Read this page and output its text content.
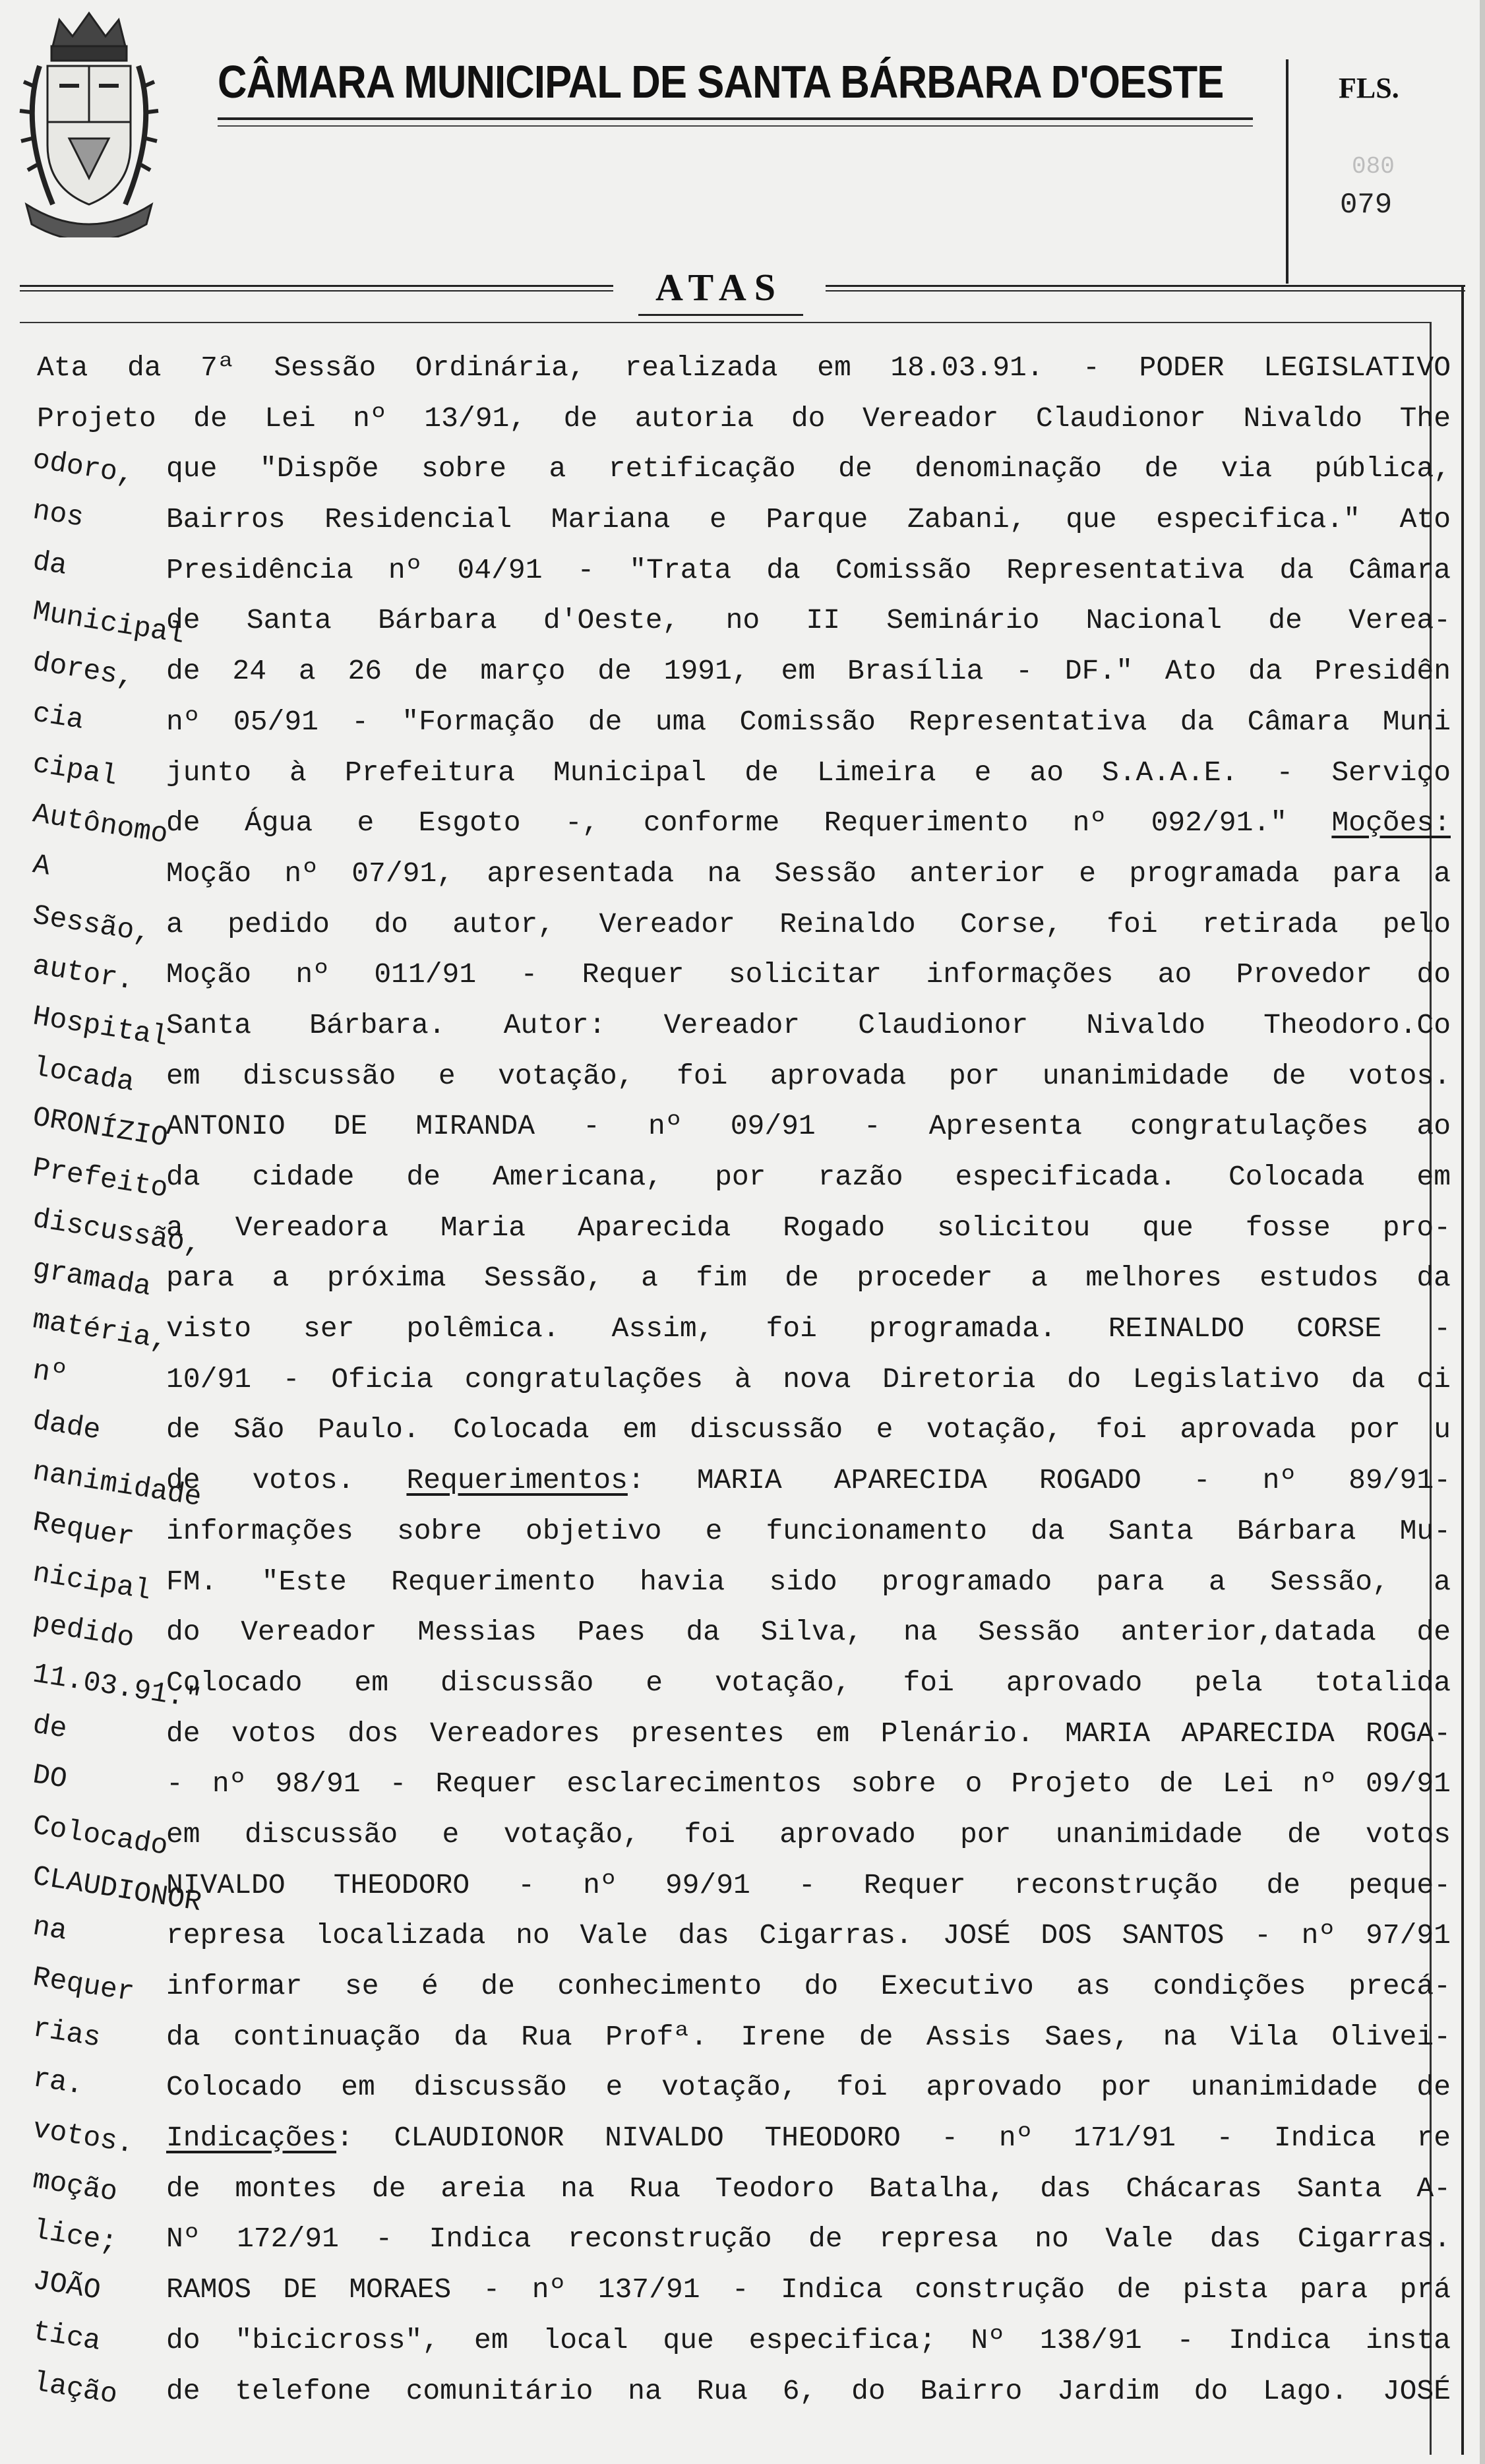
CÂMARA MUNICIPAL DE SANTA BÁRBARA D'OESTE	FLS.
080
079
ATAS
Ata da 7ª Sessão Ordinária, realizada em 18.03.91. - PODER LEGISLATIVO
Projeto de Lei nº 13/91, de autoria do Vereador Claudionor Nivaldo The
odoro, que "Dispõe sobre a retificação de denominação de via pública,
nos	Bairros Residencial Mariana e Parque Zabani, que especifica." Ato
da	Presidência nº 04/91 - "Trata da Comissão Representativa da Câmara
Municipal
de Santa Bárbara d'Oeste, no II Seminário Nacional de Verea-
dores, de 24 a 26 de março de 1991, em Brasília - DF." Ato da Presidên
cia	nº 05/91 - "Formação de uma Comissão Representativa da Câmara Muni
cipal junto à Prefeitura Municipal de Limeira e ao S.A.A.E. - Serviço
Autônomo
de Água e Esgoto -, conforme Requerimento nº 092/91." Moções:
A	Moção nº 07/91, apresentada na Sessão anterior e programada para a
Sessão, a pedido do autor, Vereador Reinaldo Corse, foi retirada pelo
autor. Moção nº 011/91 - Requer solicitar informações ao Provedor do
Hospital
Santa Bárbara. Autor: Vereador Claudionor Nivaldo Theodoro.Co
locada em discussão e votação, foi aprovada por unanimidade de votos.
ORONÍZIO
ANTONIO DE MIRANDA - nº 09/91 - Apresenta congratulações ao
Prefeito
da cidade de Americana, por razão especificada. Colocada em
discussão,
a Vereadora Maria Aparecida Rogado solicitou que fosse pro-
gramada para a próxima Sessão, a fim de proceder a melhores estudos da
matéria,
visto ser polêmica. Assim, foi programada. REINALDO CORSE -
nº	10/91 - Oficia congratulações à nova Diretoria do Legislativo da ci
dade de São Paulo. Colocada em discussão e votação, foi aprovada por u
nanimidade
de votos. Requerimentos: MARIA APARECIDA ROGADO - nº 89/91-
Requer informações sobre objetivo e funcionamento da Santa Bárbara Mu-
nicipal FM. "Este Requerimento havia sido programado para a Sessão, a
pedido do Vereador Messias Paes da Silva, na Sessão anterior,datada de
11.03.91."
Colocado em discussão e votação, foi aprovado pela totalida
de	de votos dos Vereadores presentes em Plenário. MARIA APARECIDA ROGA-
DO	- nº 98/91 - Requer esclarecimentos sobre o Projeto de Lei nº 09/91
Colocado
em discussão e votação, foi aprovado por unanimidade de votos
CLAUDIONOR
NIVALDO THEODORO - nº 99/91 - Requer reconstrução de peque-
na	represa localizada no Vale das Cigarras. JOSÉ DOS SANTOS - nº 97/91
Requer informar se é de conhecimento do Executivo as condições precá-
rias da continuação da Rua Profª. Irene de Assis Saes, na Vila Olivei-
ra.	Colocado em discussão e votação, foi aprovado por unanimidade de
votos. Indicações: CLAUDIONOR NIVALDO THEODORO - nº 171/91 - Indica re
moção de montes de areia na Rua Teodoro Batalha, das Chácaras Santa A-
lice; Nº 172/91 - Indica reconstrução de represa no Vale das Cigarras.
JOÃO RAMOS DE MORAES - nº 137/91 - Indica construção de pista para prá
tica do "bicicross", em local que especifica; Nº 138/91 - Indica insta
lação de telefone comunitário na Rua 6, do Bairro Jardim do Lago. JOSÉ
